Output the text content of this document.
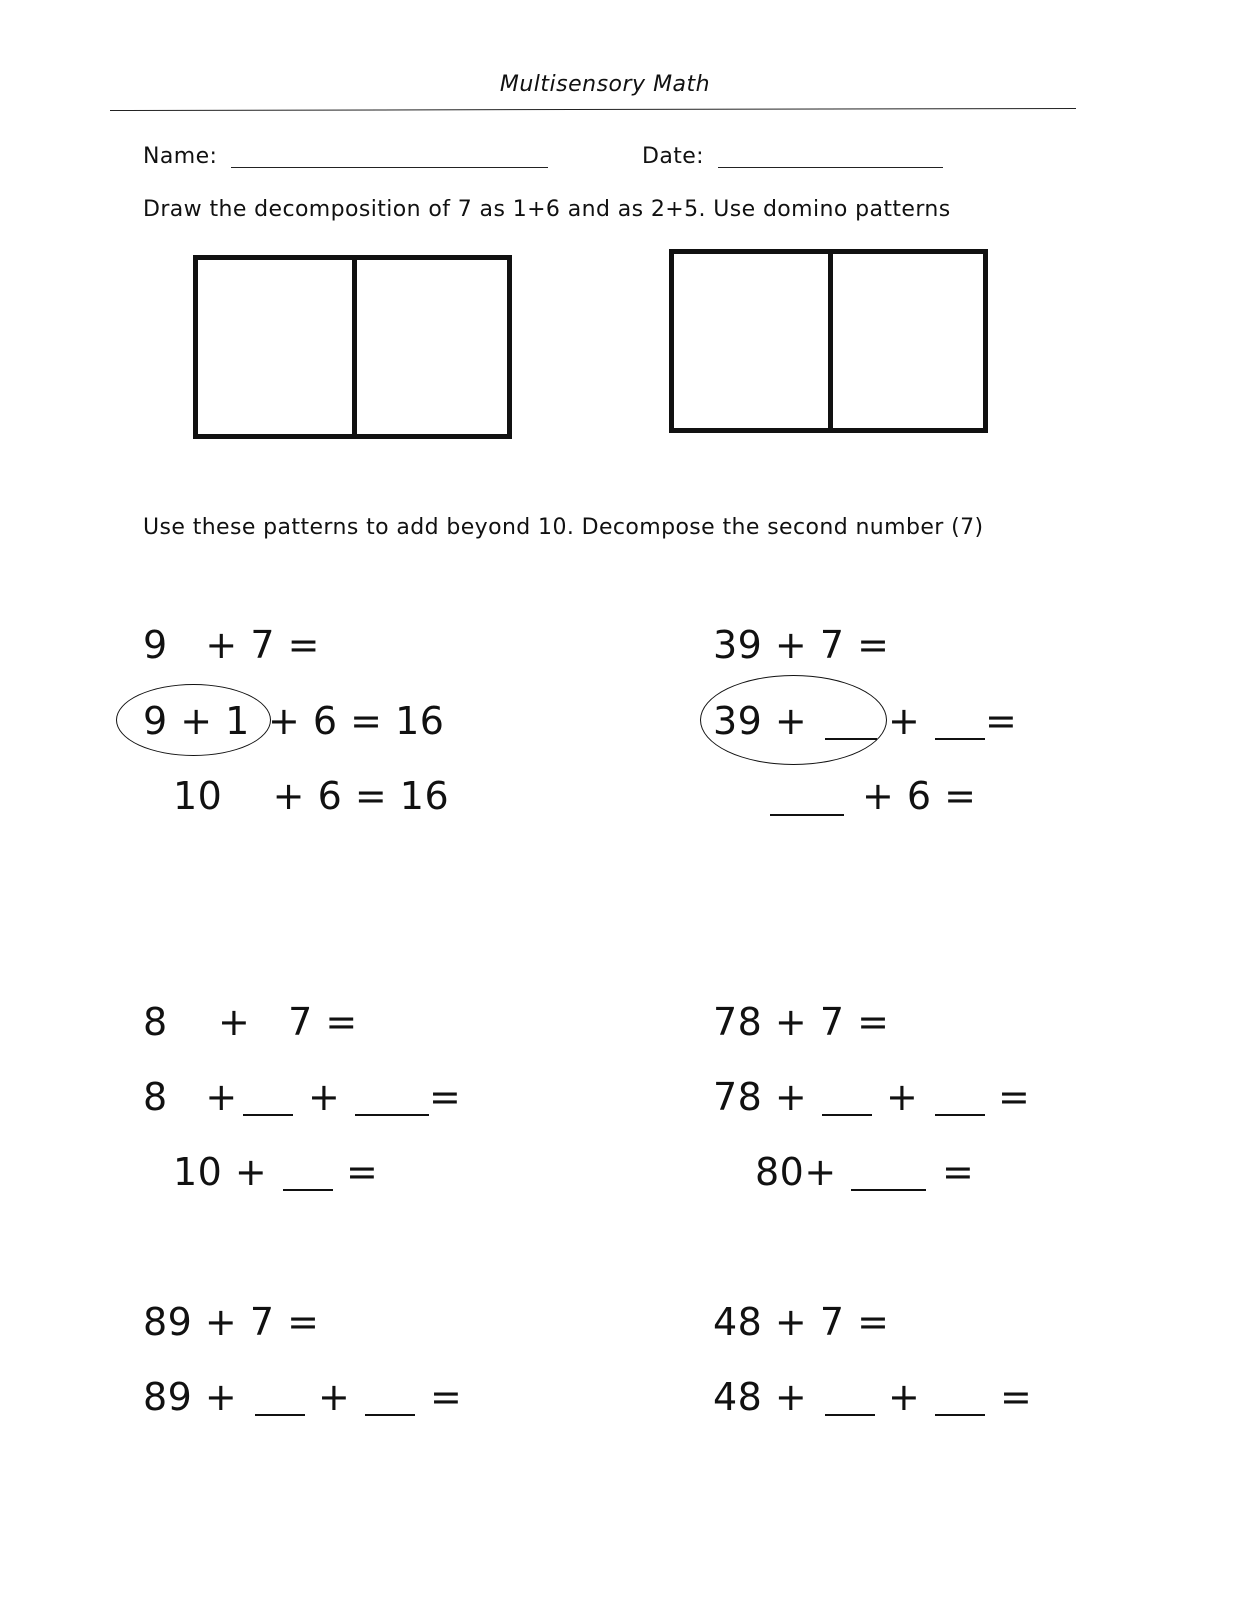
Multisensory Math
Name:	Date:
Draw the decomposition of 7 as 1+6 and as 2+5. Use domino patterns
Use these patterns to add beyond 10. Decompose the second number (7)
9   + 7 =
9 + 1 + 6 = 16
10    + 6 = 16
39 + 7 =
39 + + =
+ 6 =
8    +   7 =
8   + + =
10 + =
78 + 7 =
78 + + =
80+	=
89 + 7 =
89 + + =
48 + 7 =
48 + + =
